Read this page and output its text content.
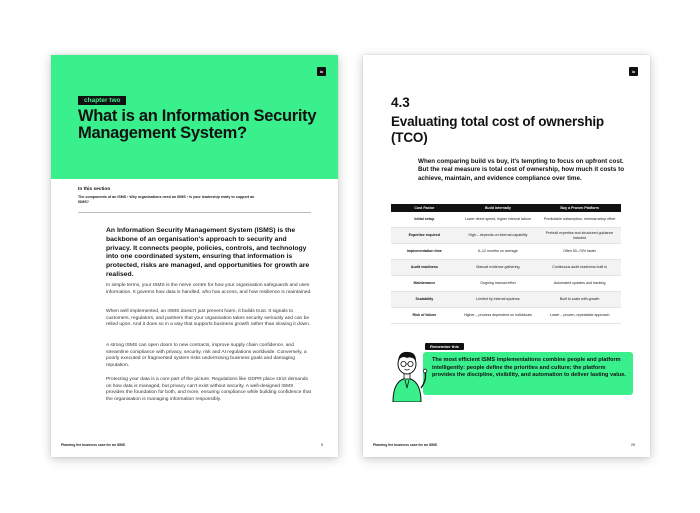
io
chapter two
What is an Information Security Management System?
In this section
The components of an ISMS › Why organisations need an ISMS › Is your leadership ready to support an ISMS?
An Information Security Management System (ISMS) is the backbone of an organisation's approach to security and privacy. It connects people, policies, controls, and technology into one coordinated system, ensuring that information is protected, risks are managed, and opportunities for growth are realised.
In simple terms, your ISMS is the nerve centre for how your organisation safeguards and uses information. It governs how data is handled, who has access, and how resilience is maintained.
When well implemented, an ISMS doesn't just prevent harm, it builds trust. It signals to customers, regulators, and partners that your organisation takes security seriously and can be relied upon. And it does so in a way that supports business growth rather than slowing it down.
A strong ISMS can open doors to new contracts, improve supply chain confidence, and streamline compliance with privacy, security, risk and AI regulations worldwide. Conversely, a poorly executed or fragmented system risks undermining business goals and damaging reputation.
Protecting your data is a core part of the picture. Regulations like GDPR place strict demands on how data is managed, but privacy can't exist without security. A well-designed ISMS provides the foundation for both, and more, ensuring compliance while building confidence that the organisation is managing information responsibly.
Planning the business case for an ISMS	5
io
4.3
Evaluating total cost of ownership (TCO)
When comparing build vs buy, it's tempting to focus on upfront cost. But the real measure is total cost of ownership, how much it costs to achieve, maintain, and evidence compliance over time.
Cost Factor	Build internally	Buy a Proven Platform
Initial setup	Lower direct spend, higher internal labour	Predictable subscription, minimal setup effort
Expertise required	High – depends on internal capability	Prebuilt expertise and structured guidance included
Implementation time	6–12 months on average	Often 50–70% faster
Audit readiness	Manual evidence gathering	Continuous audit readiness built in
Maintenance	Ongoing manual effort	Automated updates and tracking
Scalability	Limited by internal systems	Built to scale with growth
Risk of failure	Higher – process dependent on individuals	Lower – proven, repeatable approach
The most efficient ISMS implementations combine people and platform intelligently: people define the priorities and culture; the platform provides the discipline, visibility, and automation to deliver lasting value.
Remember this
Planning the business case for an ISMS	29
